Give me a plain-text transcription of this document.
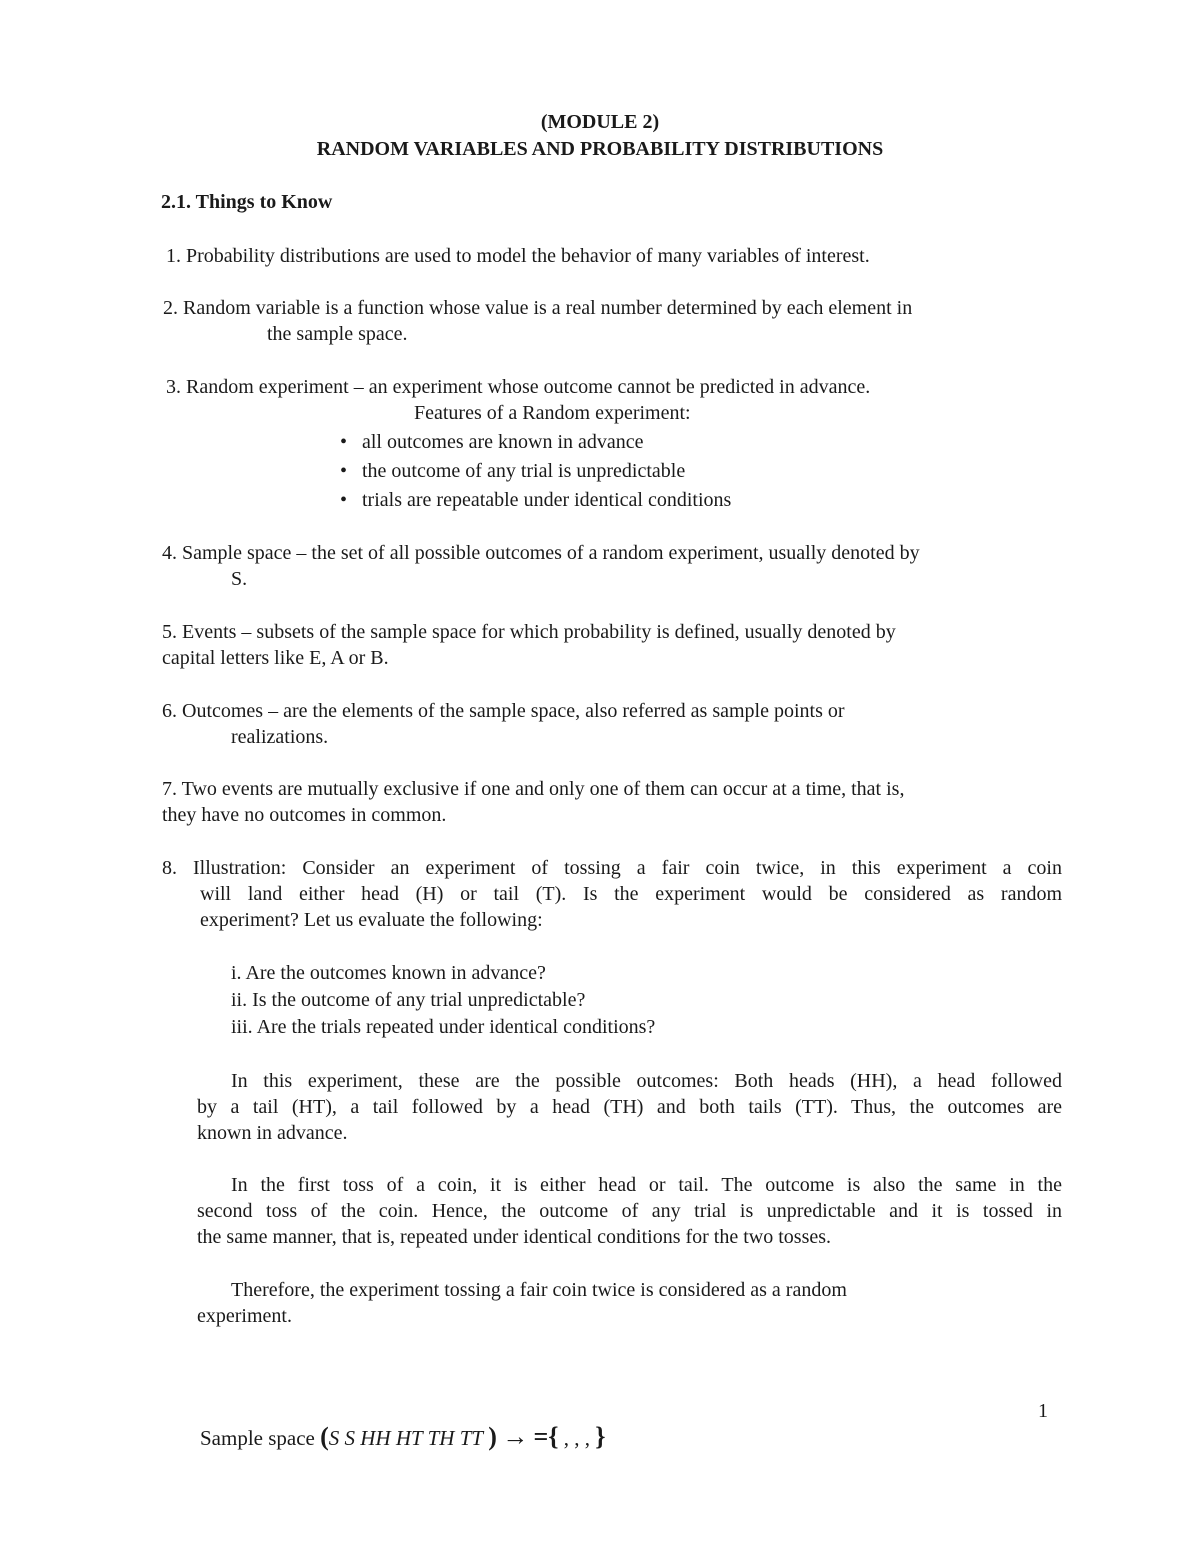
(MODULE 2)

RANDOM VARIABLES AND PROBABILITY DISTRIBUTIONS

2.1. Things to Know

1. Probability distributions are used to model the behavior of many variables of interest.

2. Random variable is a function whose value is a real number determined by each element in

the sample space.

3. Random experiment – an experiment whose outcome cannot be predicted in advance.

Features of a Random experiment:

• all outcomes are known in advance

• the outcome of any trial is unpredictable

• trials are repeatable under identical conditions

4. Sample space – the set of all possible outcomes of a random experiment, usually denoted by

S.

5. Events – subsets of the sample space for which probability is defined, usually denoted by

capital letters like E, A or B.

6. Outcomes – are the elements of the sample space, also referred as sample points or

realizations.

7. Two events are mutually exclusive if one and only one of them can occur at a time, that is,

they have no outcomes in common.

8. Illustration: Consider an experiment of tossing a fair coin twice, in this experiment a coin

will land either head (H) or tail (T). Is the experiment would be considered as random

experiment? Let us evaluate the following:

i. Are the outcomes known in advance?

ii. Is the outcome of any trial unpredictable?

iii. Are the trials repeated under identical conditions?

In this experiment, these are the possible outcomes: Both heads (HH), a head followed

by a tail (HT), a tail followed by a head (TH) and both tails (TT). Thus, the outcomes are

known in advance.

In the first toss of a coin, it is either head or tail. The outcome is also the same in the

second toss of the coin. Hence, the outcome of any trial is unpredictable and it is tossed in

the same manner, that is, repeated under identical conditions for the two tosses.

Therefore, the experiment tossing a fair coin twice is considered as a random

experiment.

1
Sample space (S S HH HT TH TT ) → ={ , , , }
